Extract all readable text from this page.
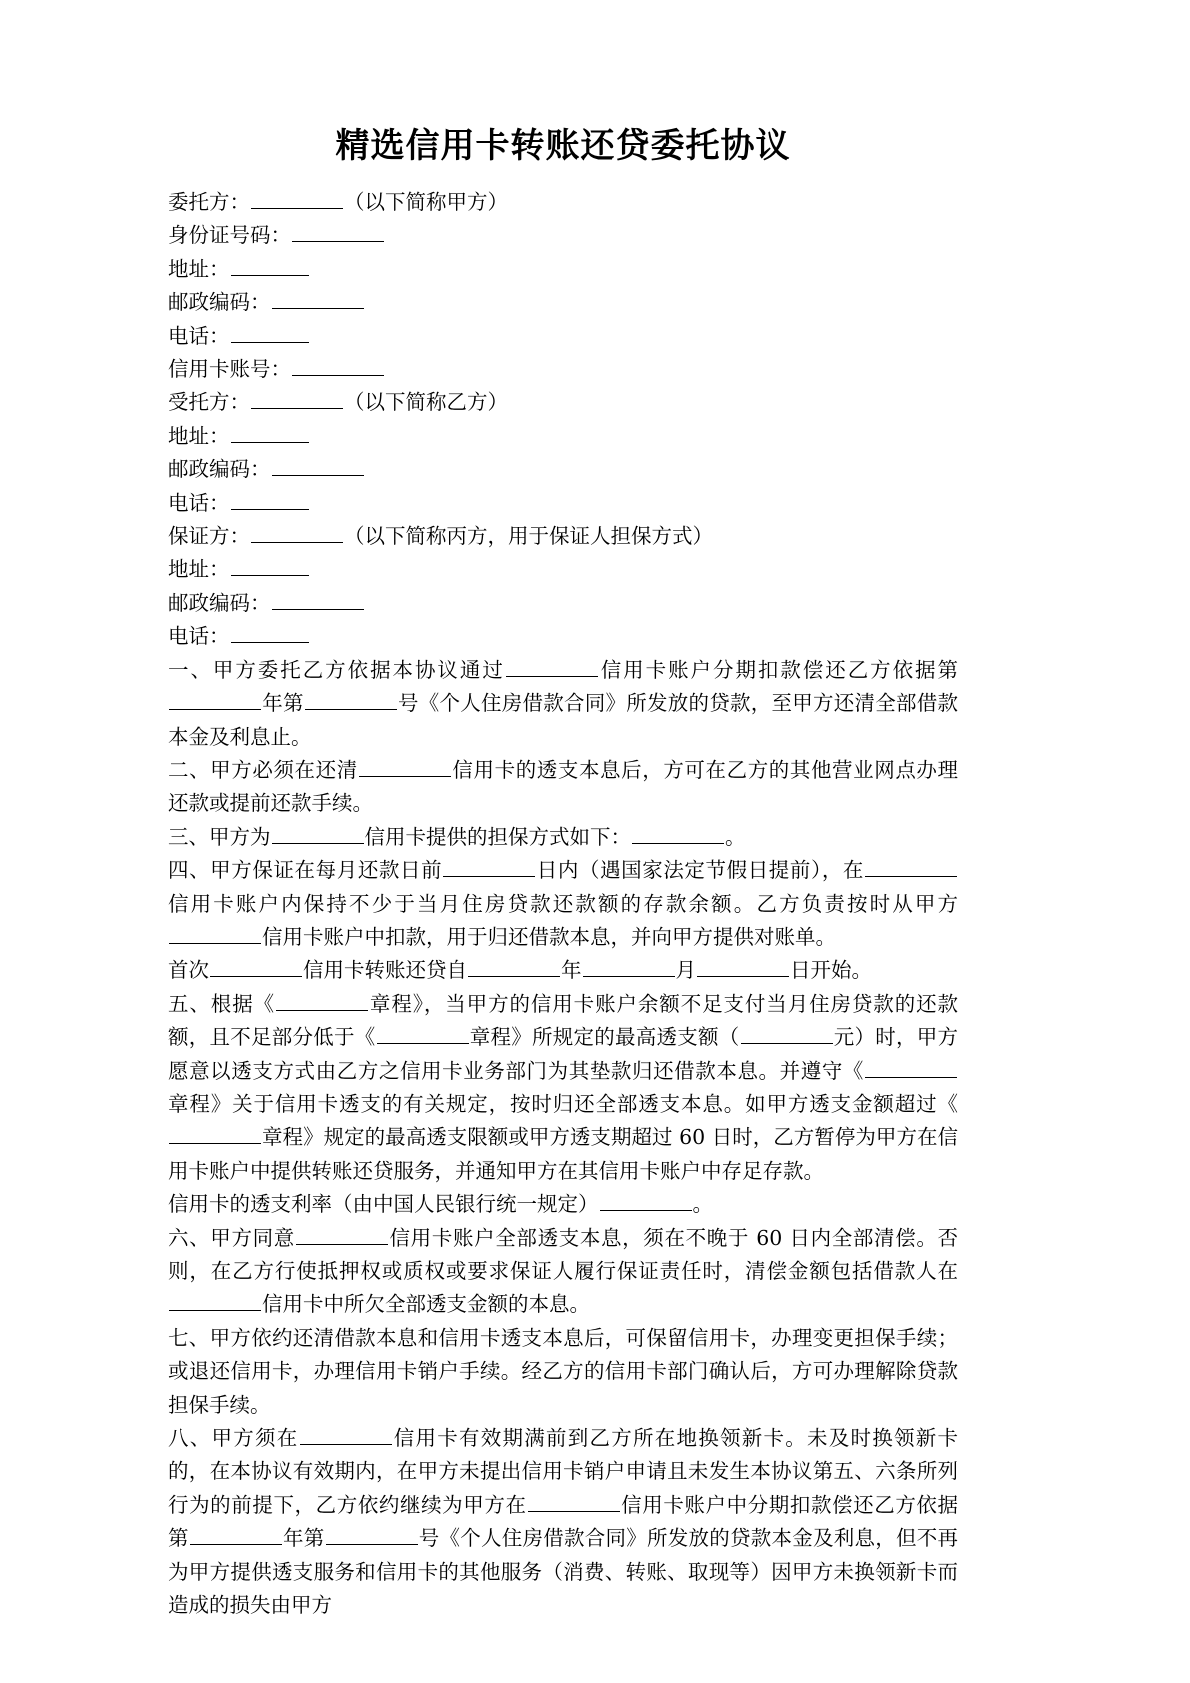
精选信用卡转账还贷委托协议
委托方：	（以下简称甲方）
身份证号码：
地址：
邮政编码：
电话：
信用卡账号：
受托方：	（以下简称乙方）
地址：
邮政编码：
电话：
保证方：	（以下简称丙方，用于保证人担保方式）
地址：
邮政编码：
电话：

一、甲方委托乙方依据本协议通过	信用卡账户分期扣款偿还乙方依据第年第	号《个人住房借款合同》所发放的贷款，至甲方还清全部借款本金及利息止。

二、甲方必须在还清	信用卡的透支本息后，方可在乙方的其他营业网点办理还款或提前还款手续。

三、甲方为	信用卡提供的担保方式如下：	。

四、甲方保证在每月还款日前	日内（遇国家法定节假日提前），在信用卡账户内保持不少于当月住房贷款还款额的存款余额。乙方负责按时从甲方信用卡账户中扣款，用于归还借款本息，并向甲方提供对账单。

首次	信用卡转账还贷自	年	月	日开始。

五、根据《	章程》，当甲方的信用卡账户余额不足支付当月住房贷款的还款额，且不足部分低于《	章程》所规定的最高透支额（	元）时，甲方愿意以透支方式由乙方之信用卡业务部门为其垫款归还借款本息。并遵守《章程》关于信用卡透支的有关规定，按时归还全部透支本息。如甲方透支金额超过《章程》规定的最高透支限额或甲方透支期超过 60 日时，乙方暂停为甲方在信用卡账户中提供转账还贷服务，并通知甲方在其信用卡账户中存足存款。

信用卡的透支利率（由中国人民银行统一规定）	。

六、甲方同意	信用卡账户全部透支本息，须在不晚于 60 日内全部清偿。否则，在乙方行使抵押权或质权或要求保证人履行保证责任时，清偿金额包括借款人在信用卡中所欠全部透支金额的本息。

七、甲方依约还清借款本息和信用卡透支本息后，可保留信用卡，办理变更担保手续；或退还信用卡，办理信用卡销户手续。经乙方的信用卡部门确认后，方可办理解除贷款担保手续。

八、甲方须在	信用卡有效期满前到乙方所在地换领新卡。未及时换领新卡的，在本协议有效期内，在甲方未提出信用卡销户申请且未发生本协议第五、六条所列行为的前提下，乙方依约继续为甲方在	信用卡账户中分期扣款偿还乙方依据第	年第	号《个人住房借款合同》所发放的贷款本金及利息，但不再为甲方提供透支服务和信用卡的其他服务（消费、转账、取现等）因甲方未换领新卡而造成的损失由甲方
